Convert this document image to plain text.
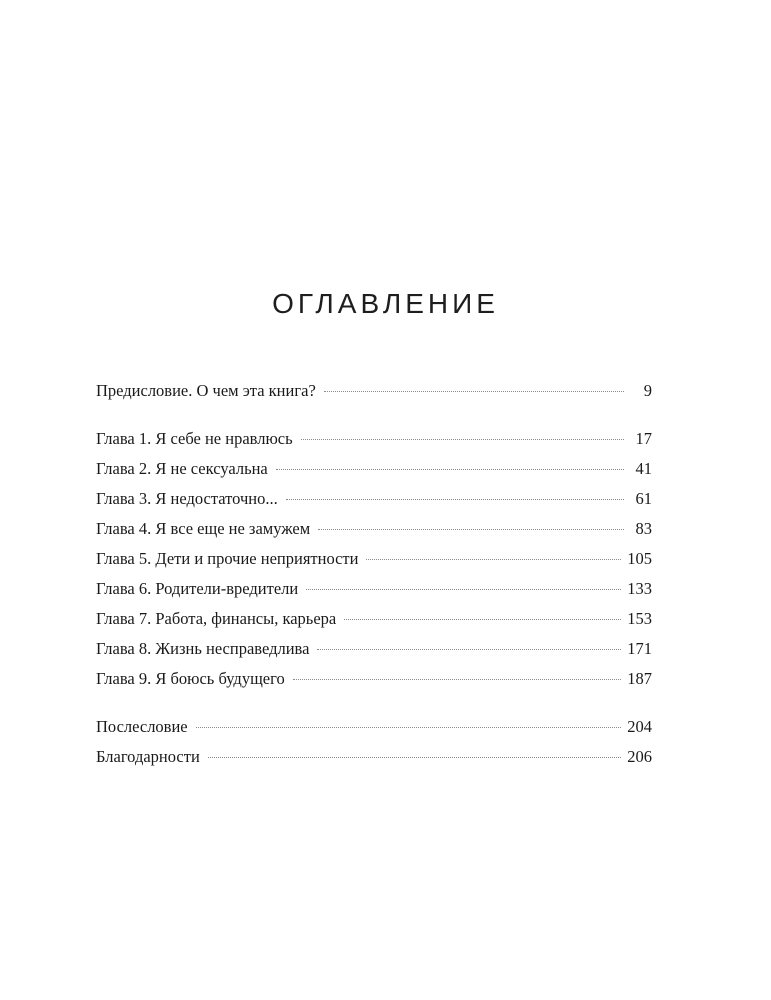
ОГЛАВЛЕНИЕ
Предисловие. О чем эта книга?	9
Глава 1. Я себе не нравлюсь	17
Глава 2. Я не сексуальна	41
Глава 3. Я недостаточно...	61
Глава 4. Я все еще не замужем	83
Глава 5. Дети и прочие неприятности	105
Глава 6. Родители-вредители	133
Глава 7. Работа, финансы, карьера	153
Глава 8. Жизнь несправедлива	171
Глава 9. Я боюсь будущего	187
Послесловие	204
Благодарности	206
